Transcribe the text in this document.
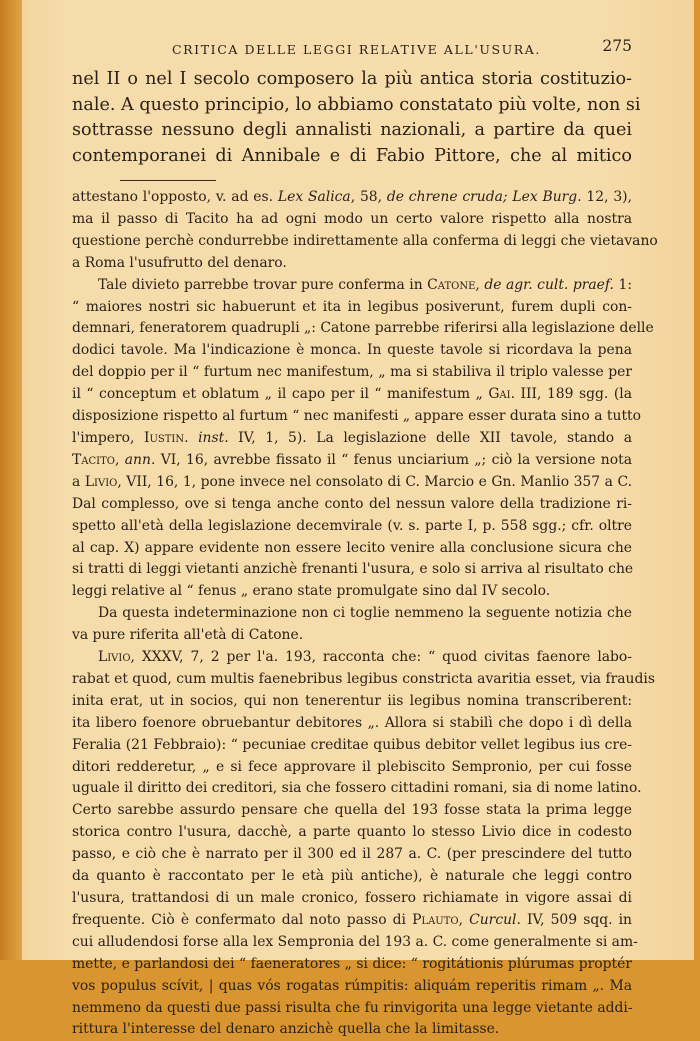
CRITICA DELLE LEGGI RELATIVE ALL'USURA.	275
nel II o nel I secolo composero la più antica storia costituzio-
nale. A questo principio, lo abbiamo constatato più volte, non si
sottrasse nessuno degli annalisti nazionali, a partire da quei
contemporanei di Annibale e di Fabio Pittore, che al mitico
attestano l'opposto, v. ad es. Lex Salica, 58, de chrene cruda; Lex Burg. 12, 3),
ma il passo di Tacito ha ad ogni modo un certo valore rispetto alla nostra
questione perchè condurrebbe indirettamente alla conferma di leggi che vietavano
a Roma l'usufrutto del denaro.
Tale divieto parrebbe trovar pure conferma in Catone, de agr. cult. praef. 1:
“ maiores nostri sic habuerunt et ita in legibus posiverunt, furem dupli con-
demnari, feneratorem quadrupli „: Catone parrebbe riferirsi alla legislazione delle
dodici tavole. Ma l'indicazione è monca. In queste tavole si ricordava la pena
del doppio per il “ furtum nec manifestum, „ ma si stabiliva il triplo valesse per
il “ conceptum et oblatum „ il capo per il “ manifestum „ Gai. III, 189 sgg. (la
disposizione rispetto al furtum “ nec manifesti „ appare esser durata sino a tutto
l'impero, Iustin. inst. IV, 1, 5). La legislazione delle XII tavole, stando a
Tacito, ann. VI, 16, avrebbe fissato il “ fenus unciarium „; ciò la versione nota
a Livio, VII, 16, 1, pone invece nel consolato di C. Marcio e Gn. Manlio 357 a C.
Dal complesso, ove si tenga anche conto del nessun valore della tradizione ri-
spetto all'età della legislazione decemvirale (v. s. parte I, p. 558 sgg.; cfr. oltre
al cap. X) appare evidente non essere lecito venire alla conclusione sicura che
si tratti di leggi vietanti anzichè frenanti l'usura, e solo si arriva al risultato che
leggi relative al “ fenus „ erano state promulgate sino dal IV secolo.
Da questa indeterminazione non ci toglie nemmeno la seguente notizia che
va pure riferita all'età di Catone.
Livio, XXXV, 7, 2 per l'a. 193, racconta che: “ quod civitas faenore labo-
rabat et quod, cum multis faenebribus legibus constricta avaritia esset, via fraudis
inita erat, ut in socios, qui non tenerentur iis legibus nomina transcriberent:
ita libero foenore obruebantur debitores „. Allora si stabilì che dopo i dì della
Feralia (21 Febbraio): “ pecuniae creditae quibus debitor vellet legibus ius cre-
ditori redderetur, „ e si fece approvare il plebiscito Sempronio, per cui fosse
uguale il diritto dei creditori, sia che fossero cittadini romani, sia di nome latino.
Certo sarebbe assurdo pensare che quella del 193 fosse stata la prima legge
storica contro l'usura, dacchè, a parte quanto lo stesso Livio dice in codesto
passo, e ciò che è narrato per il 300 ed il 287 a. C. (per prescindere del tutto
da quanto è raccontato per le età più antiche), è naturale che leggi contro
l'usura, trattandosi di un male cronico, fossero richiamate in vigore assai di
frequente. Ciò è confermato dal noto passo di Plauto, Curcul. IV, 509 sqq. in
cui alludendosi forse alla lex Sempronia del 193 a. C. come generalmente si am-
mette, e parlandosi dei “ faeneratores „ si dice: “ rogitátionis plúrumas proptér
vos populus scívit, | quas vós rogatas rúmpitis: aliquám reperitis rimam „. Ma
nemmeno da questi due passi risulta che fu rinvigorita una legge vietante addi-
rittura l'interesse del denaro anzichè quella che la limitasse.
